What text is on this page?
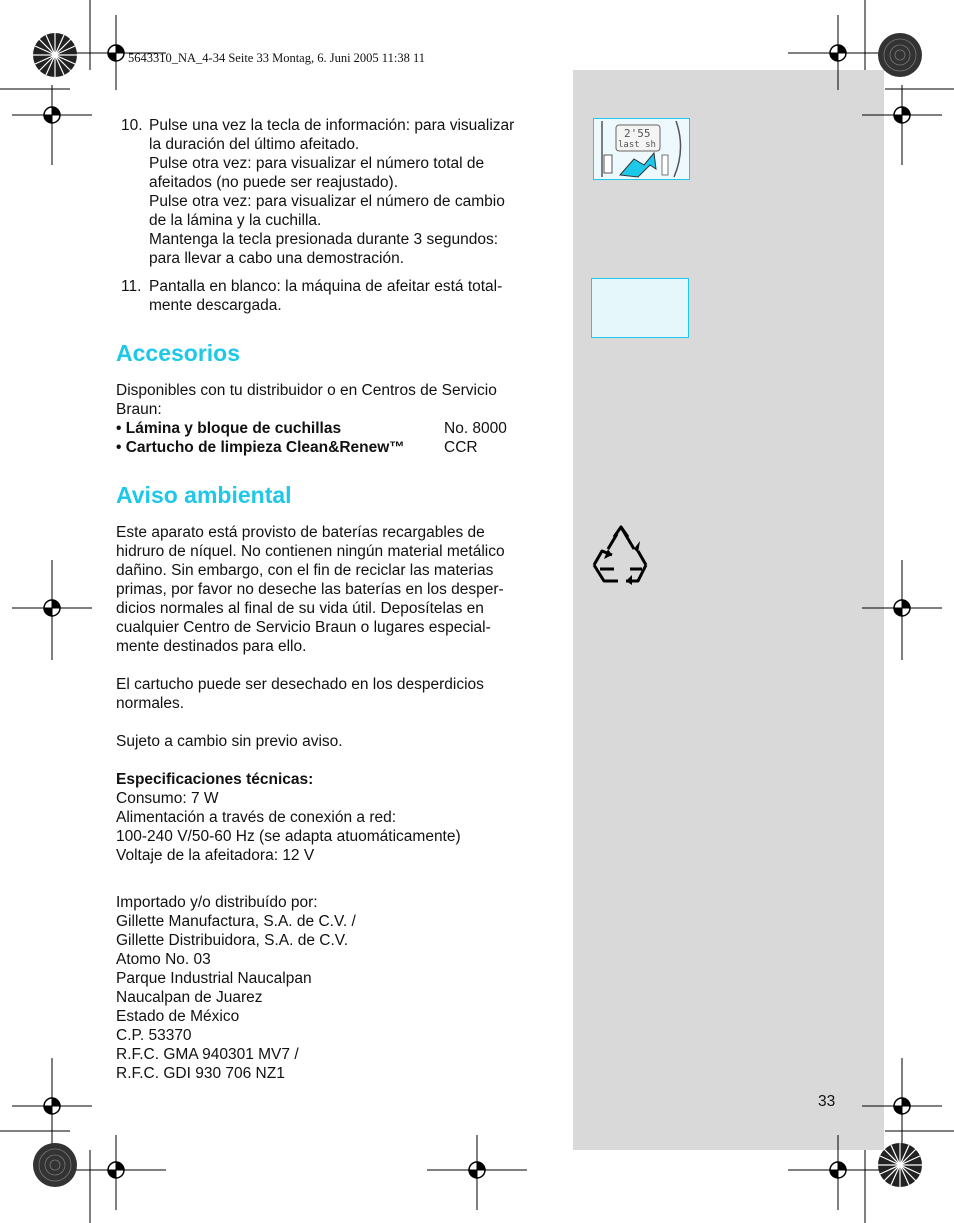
5643310_NA_4-34 Seite 33 Montag, 6. Juni 2005 11:38 11
10. Pulse una vez la tecla de información: para visualizar

la duración del último afeitado.

Pulse otra vez: para visualizar el número total de

afeitados (no puede ser reajustado).

Pulse otra vez: para visualizar el número de cambio

de la lámina y la cuchilla.

Mantenga la tecla presionada durante 3 segundos:

para llevar a cabo una demostración.

11. Pantalla en blanco: la máquina de afeitar está total-

mente descargada.

Accesorios

Disponibles con tu distribuidor o en Centros de Servicio

Braun:

• Lámina y bloque de cuchillas	No. 8000
• Cartucho de limpieza Clean&Renew™	CCR
Aviso ambiental

Este aparato está provisto de baterías recargables de

hidruro de níquel. No contienen ningún material metálico

dañino. Sin embargo, con el fin de reciclar las materias

primas, por favor no deseche las baterías en los desper-

dicios normales al final de su vida útil. Deposítelas en

cualquier Centro de Servicio Braun o lugares especial-

mente destinados para ello.

El cartucho puede ser desechado en los desperdicios

normales.

Sujeto a cambio sin previo aviso.

Especificaciones técnicas:

Consumo: 7 W

Alimentación a través de conexión a red:

100-240 V/50-60 Hz (se adapta atuomáticamente)

Voltaje de la afeitadora: 12 V

Importado y/o distribuído por:

Gillette Manufactura, S.A. de C.V. /

Gillette Distribuidora, S.A. de C.V.

Atomo No. 03

Parque Industrial Naucalpan

Naucalpan de Juarez

Estado de México

C.P. 53370

R.F.C. GMA 940301 MV7 /

R.F.C. GDI 930 706 NZ1

2'55
last sh
33
